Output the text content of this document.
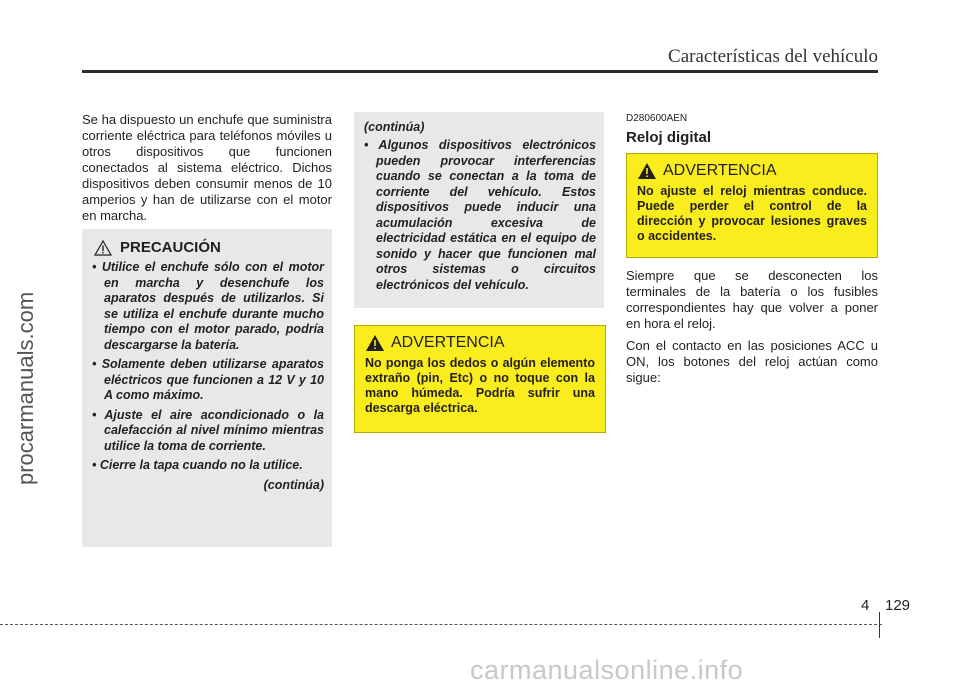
Características del vehículo
procarmanuals.com

Se ha dispuesto un enchufe que suministra corriente eléctrica para teléfonos móviles u otros dispositivos que funcionen conectados al sistema eléctrico. Dichos dispositivos deben consumir menos de 10 amperios y han de utilizarse con el motor en marcha.

PRECAUCIÓN
• Utilice el enchufe sólo con el motor en marcha y desenchufe los aparatos después de utilizarlos. Si se utiliza el enchufe durante mucho tiempo con el motor parado, podría descargarse la batería.
• Solamente deben utilizarse aparatos eléctricos que funcionen a 12 V y 10 A como máximo.
• Ajuste el aire acondicionado o la calefacción al nivel mínimo mientras utilice la toma de corriente.
• Cierre la tapa cuando no la utilice.
(continúa)
(continúa)
• Algunos dispositivos electrónicos pueden provocar interferencias cuando se conectan a la toma de corriente del vehículo. Estos dispositivos puede inducir una acumulación excesiva de electricidad estática en el equipo de sonido y hacer que funcionen mal otros sistemas o circuitos electrónicos del vehículo.
ADVERTENCIA
No ponga los dedos o algún elemento extraño (pin, Etc) o no toque con la mano húmeda. Podría sufrir una descarga eléctrica.
D280600AEN
Reloj digital
ADVERTENCIA
No ajuste el reloj mientras conduce. Puede perder el control de la dirección y provocar lesiones graves o accidentes.

Siempre que se desconecten los terminales de la batería o los fusibles correspondientes hay que volver a poner en hora el reloj.

Con el contacto en las posiciones ACC u ON, los botones del reloj actúan como sigue:

4 129
carmanualsonline.info
